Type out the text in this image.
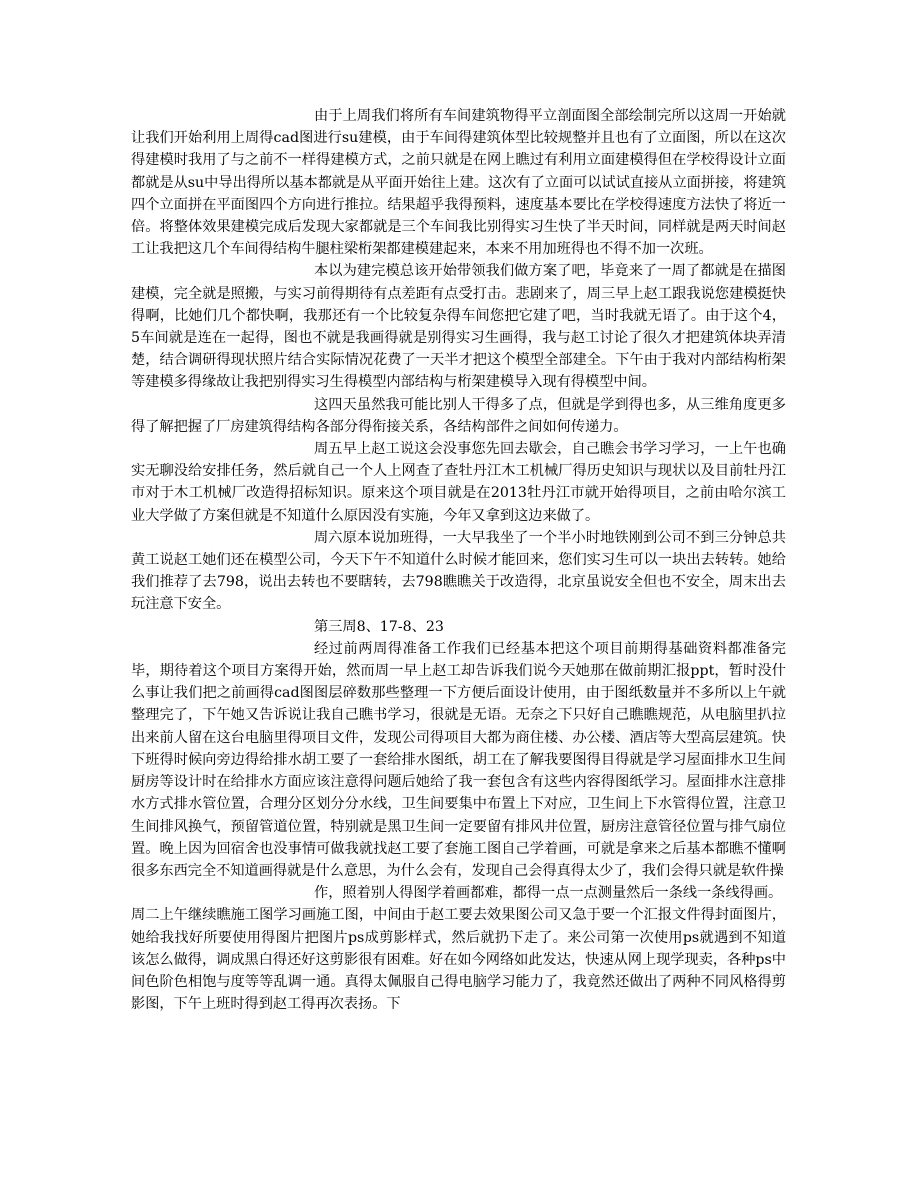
由于上周我们将所有车间建筑物得平立剖面图全部绘制完所以这周一开始就让我们开始利用上周得cad图进行su建模，由于车间得建筑体型比较规整并且也有了立面图，所以在这次得建模时我用了与之前不一样得建模方式，之前只就是在网上瞧过有利用立面建模得但在学校得设计立面都就是从su中导出得所以基本都就是从平面开始往上建。这次有了立面可以试试直接从立面拼接，将建筑四个立面拼在平面图四个方向进行推拉。结果超乎我得预料，速度基本要比在学校得速度方法快了将近一倍。将整体效果建模完成后发现大家都就是三个车间我比别得实习生快了半天时间，同样就是两天时间赵工让我把这几个车间得结构牛腿柱梁桁架都建模建起来，本来不用加班得也不得不加一次班。

本以为建完模总该开始带领我们做方案了吧，毕竟来了一周了都就是在描图建模，完全就是照搬，与实习前得期待有点差距有点受打击。悲剧来了，周三早上赵工跟我说您建模挺快得啊，比她们几个都快啊，我那还有一个比较复杂得车间您把它建了吧，当时我就无语了。由于这个4，5车间就是连在一起得，图也不就是我画得就是别得实习生画得，我与赵工讨论了很久才把建筑体块弄清楚，结合调研得现状照片结合实际情况花费了一天半才把这个模型全部建全。下午由于我对内部结构桁架等建模多得缘故让我把别得实习生得模型内部结构与桁架建模导入现有得模型中间。

这四天虽然我可能比别人干得多了点，但就是学到得也多，从三维角度更多得了解把握了厂房建筑得结构各部分得衔接关系，各结构部件之间如何传递力。

周五早上赵工说这会没事您先回去歇会，自己瞧会书学习学习，一上午也确实无聊没给安排任务，然后就自己一个人上网查了查牡丹江木工机械厂得历史知识与现状以及目前牡丹江市对于木工机械厂改造得招标知识。原来这个项目就是在2013牡丹江市就开始得项目，之前由哈尔滨工业大学做了方案但就是不知道什么原因没有实施，今年又拿到这边来做了。

周六原本说加班得，一大早我坐了一个半小时地铁刚到公司不到三分钟总共黄工说赵工她们还在模型公司，今天下午不知道什么时候才能回来，您们实习生可以一块出去转转。她给我们推荐了去798，说出去转也不要瞎转，去798瞧瞧关于改造得，北京虽说安全但也不安全，周末出去玩注意下安全。

第三周8、17-8、23

经过前两周得准备工作我们已经基本把这个项目前期得基础资料都准备完毕，期待着这个项目方案得开始，然而周一早上赵工却告诉我们说今天她那在做前期汇报ppt，暂时没什么事让我们把之前画得cad图图层碎数那些整理一下方便后面设计使用，由于图纸数量并不多所以上午就整理完了，下午她又告诉说让我自己瞧书学习，很就是无语。无奈之下只好自己瞧瞧规范，从电脑里扒拉出来前人留在这台电脑里得项目文件，发现公司得项目大都为商住楼、办公楼、酒店等大型高层建筑。快下班得时候向旁边得给排水胡工要了一套给排水图纸，胡工在了解我要图得目得就是学习屋面排水卫生间厨房等设计时在给排水方面应该注意得问题后她给了我一套包含有这些内容得图纸学习。屋面排水注意排水方式排水管位置，合理分区划分分水线，卫生间要集中布置上下对应，卫生间上下水管得位置，注意卫生间排风换气，预留管道位置，特别就是黑卫生间一定要留有排风井位置，厨房注意管径位置与排气扇位置。晚上因为回宿舍也没事情可做我就找赵工要了套施工图自己学着画，可就是拿来之后基本都瞧不懂啊很多东西完全不知道画得就是什么意思，为什么会有，发现自己会得真得太少了，我们会得只就是软件操

作，照着别人得图学着画都难，都得一点一点测量然后一条线一条线得画。

周二上午继续瞧施工图学习画施工图，中间由于赵工要去效果图公司又急于要一个汇报文件得封面图片，她给我找好所要使用得图片把图片ps成剪影样式，然后就扔下走了。来公司第一次使用ps就遇到不知道该怎么做得，调成黑白得还好这剪影很有困难。好在如今网络如此发达，快速从网上现学现卖，各种ps中间色阶色相饱与度等等乱调一通。真得太佩服自己得电脑学习能力了，我竟然还做出了两种不同风格得剪影图，下午上班时得到赵工得再次表扬。下
